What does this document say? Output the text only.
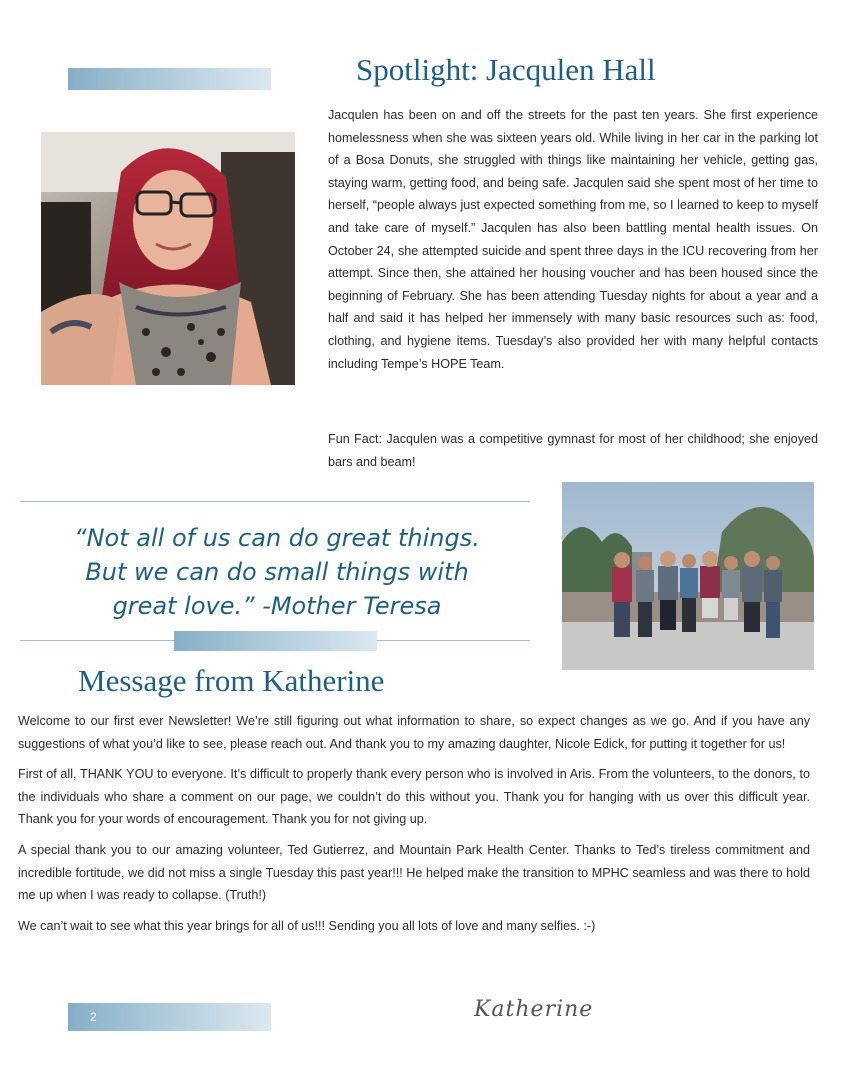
Spotlight: Jacqulen Hall

Jacqulen has been on and off the streets for the past ten years. She first experience homelessness when she was sixteen years old. While living in her car in the parking lot of a Bosa Donuts, she struggled with things like maintaining her vehicle, getting gas, staying warm, getting food, and being safe. Jacqulen said she spent most of her time to herself, “people always just expected something from me, so I learned to keep to myself and take care of myself.” Jacqulen has also been battling mental health issues. On October 24, she attempted suicide and spent three days in the ICU recovering from her attempt. Since then, she attained her housing voucher and has been housed since the beginning of February. She has been attending Tuesday nights for about a year and a half and said it has helped her immensely with many basic resources such as: food, clothing, and hygiene items. Tuesday’s also provided her with many helpful contacts including Tempe’s HOPE Team.

Fun Fact: Jacqulen was a competitive gymnast for most of her childhood; she enjoyed bars and beam!

“Not all of us can do great things. But we can do small things with great love.” -Mother Teresa

Message from Katherine

Welcome to our first ever Newsletter! We’re still figuring out what information to share, so expect changes as we go. And if you have any suggestions of what you’d like to see, please reach out. And thank you to my amazing daughter, Nicole Edick, for putting it together for us!

First of all, THANK YOU to everyone. It’s difficult to properly thank every person who is involved in Aris. From the volunteers, to the donors, to the individuals who share a comment on our page, we couldn’t do this without you. Thank you for hanging with us over this difficult year. Thank you for your words of encouragement. Thank you for not giving up.

A special thank you to our amazing volunteer, Ted Gutierrez, and Mountain Park Health Center. Thanks to Ted’s tireless commitment and incredible fortitude, we did not miss a single Tuesday this past year!!! He helped make the transition to MPHC seamless and was there to hold me up when I was ready to collapse. (Truth!)

We can’t wait to see what this year brings for all of us!!! Sending you all lots of love and many selfies. :-)

Katherine
2
